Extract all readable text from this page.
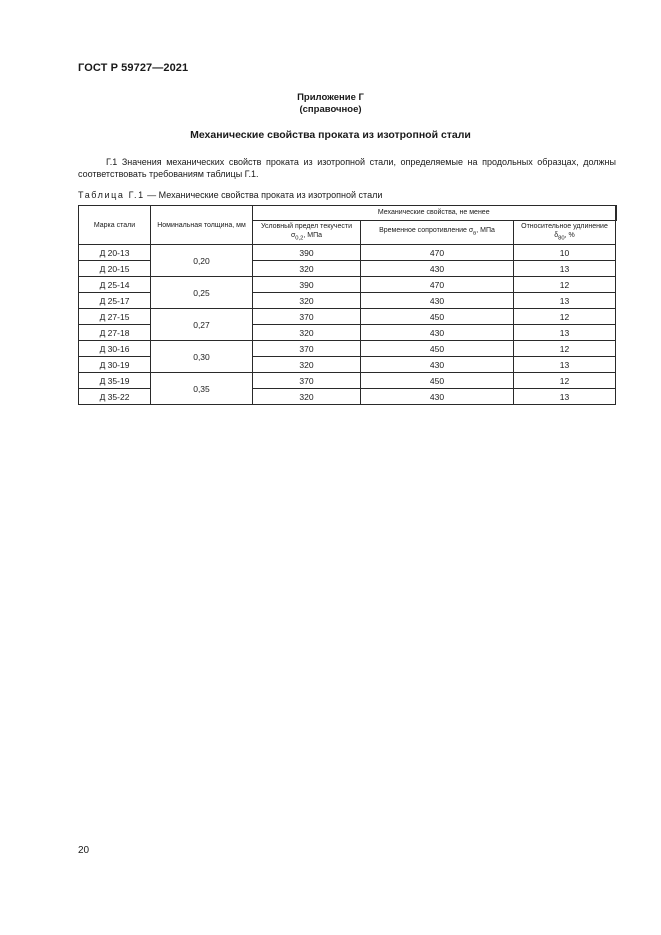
ГОСТ Р 59727—2021
Приложение Г
(справочное)
Механические свойства проката из изотропной стали
Г.1 Значения механических свойств проката из изотропной стали, определяемые на продольных образцах, должны соответствовать требованиям таблицы Г.1.
Таблица Г.1 — Механические свойства проката из изотропной стали
Марка стали	Номинальная толщина, мм	Механические свойства, не менее		
		Условный предел текучести $\sigma_{0,2}$, МПа	Временное сопротивление $\sigma_в$, МПа	Относительное удлинение $\delta_{80}$, %
Д 20-13	0,20	390	470	10
Д 20-15		320	430	13
Д 25-14	0,25	390	470	12
Д 25-17		320	430	13
Д 27-15	0,27	370	450	12
Д 27-18		320	430	13
Д 30-16	0,30	370	450	12
Д 30-19		320	430	13
Д 35-19	0,35	370	450	12
Д 35-22		320	430	13
20
